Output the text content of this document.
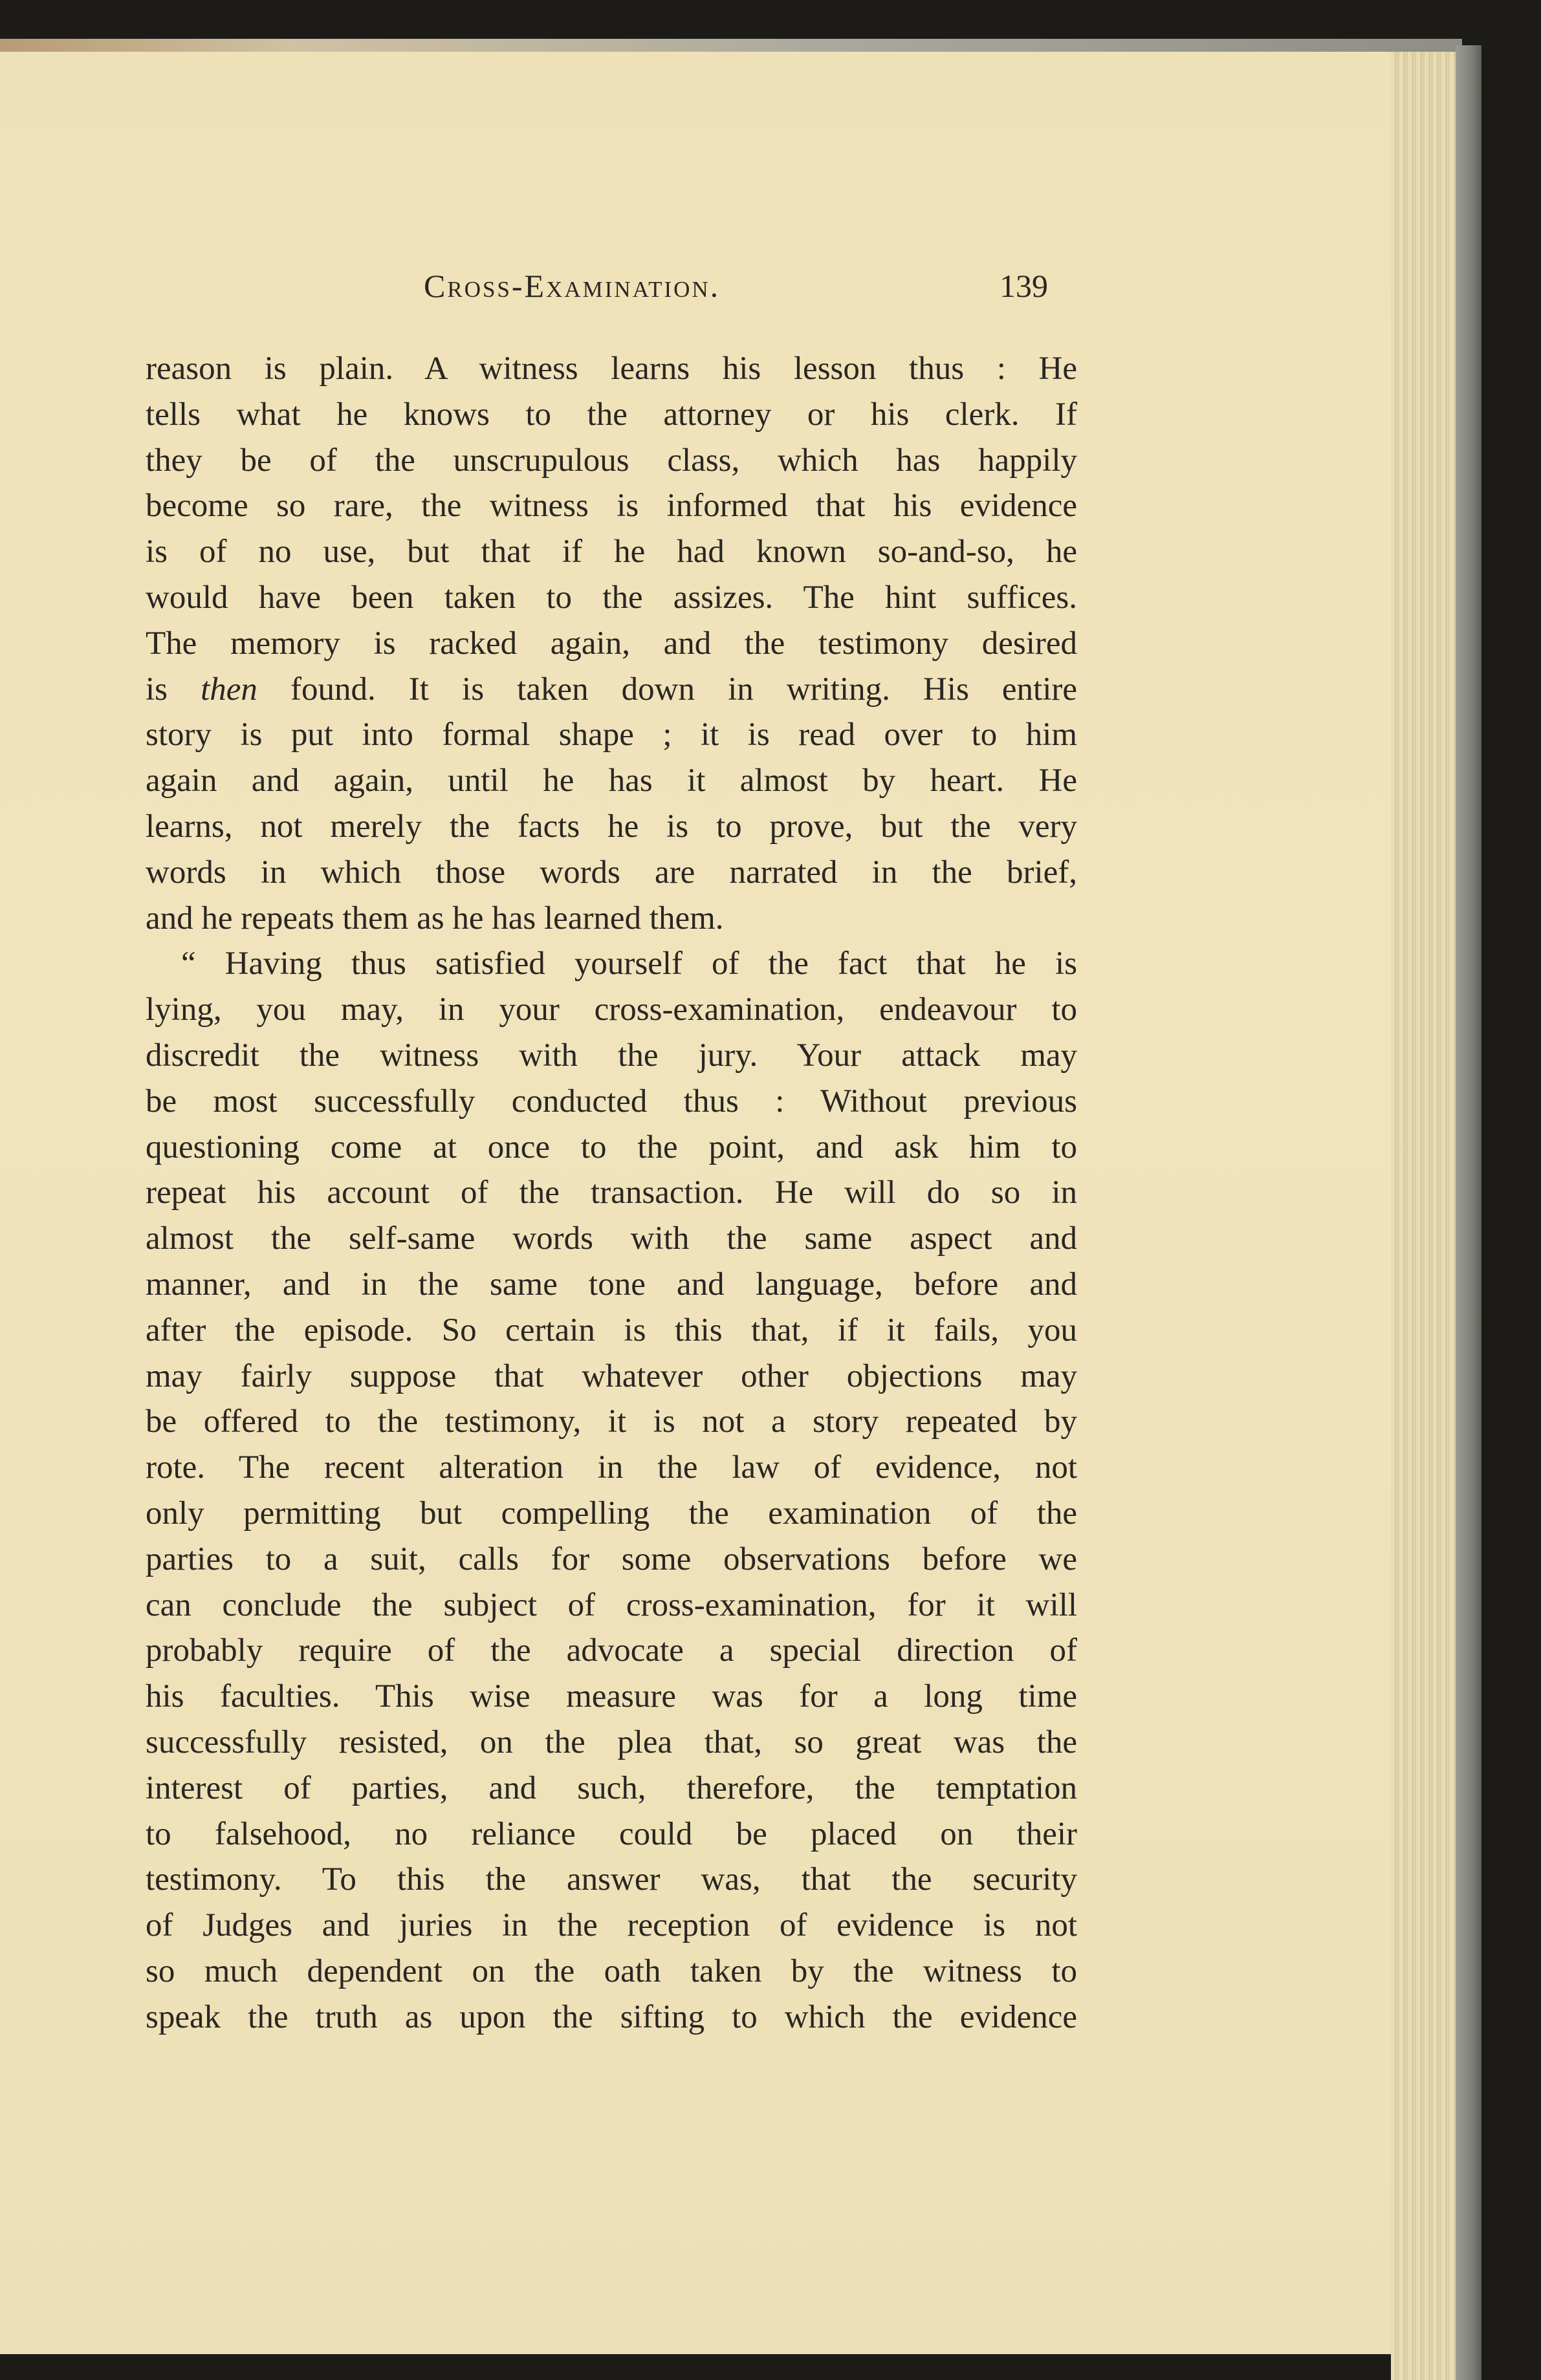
Cross-Examination.	139
reason is plain. A witness learns his lesson thus : He
tells what he knows to the attorney or his clerk. If
they be of the unscrupulous class, which has happily
become so rare, the witness is informed that his evidence
is of no use, but that if he had known so-and-so, he
would have been taken to the assizes. The hint suffices.
The memory is racked again, and the testimony desired
is then found. It is taken down in writing. His entire
story is put into formal shape ; it is read over to him
again and again, until he has it almost by heart. He
learns, not merely the facts he is to prove, but the very
words in which those words are narrated in the brief,
and he repeats them as he has learned them.
“ Having thus satisfied yourself of the fact that he is
lying, you may, in your cross-examination, endeavour to
discredit the witness with the jury. Your attack may
be most successfully conducted thus : Without previous
questioning come at once to the point, and ask him to
repeat his account of the transaction. He will do so in
almost the self-same words with the same aspect and
manner, and in the same tone and language, before and
after the episode. So certain is this that, if it fails, you
may fairly suppose that whatever other objections may
be offered to the testimony, it is not a story repeated by
rote. The recent alteration in the law of evidence, not
only permitting but compelling the examination of the
parties to a suit, calls for some observations before we
can conclude the subject of cross-examination, for it will
probably require of the advocate a special direction of
his faculties. This wise measure was for a long time
successfully resisted, on the plea that, so great was the
interest of parties, and such, therefore, the temptation
to falsehood, no reliance could be placed on their
testimony. To this the answer was, that the security
of Judges and juries in the reception of evidence is not
so much dependent on the oath taken by the witness to
speak the truth as upon the sifting to which the evidence
